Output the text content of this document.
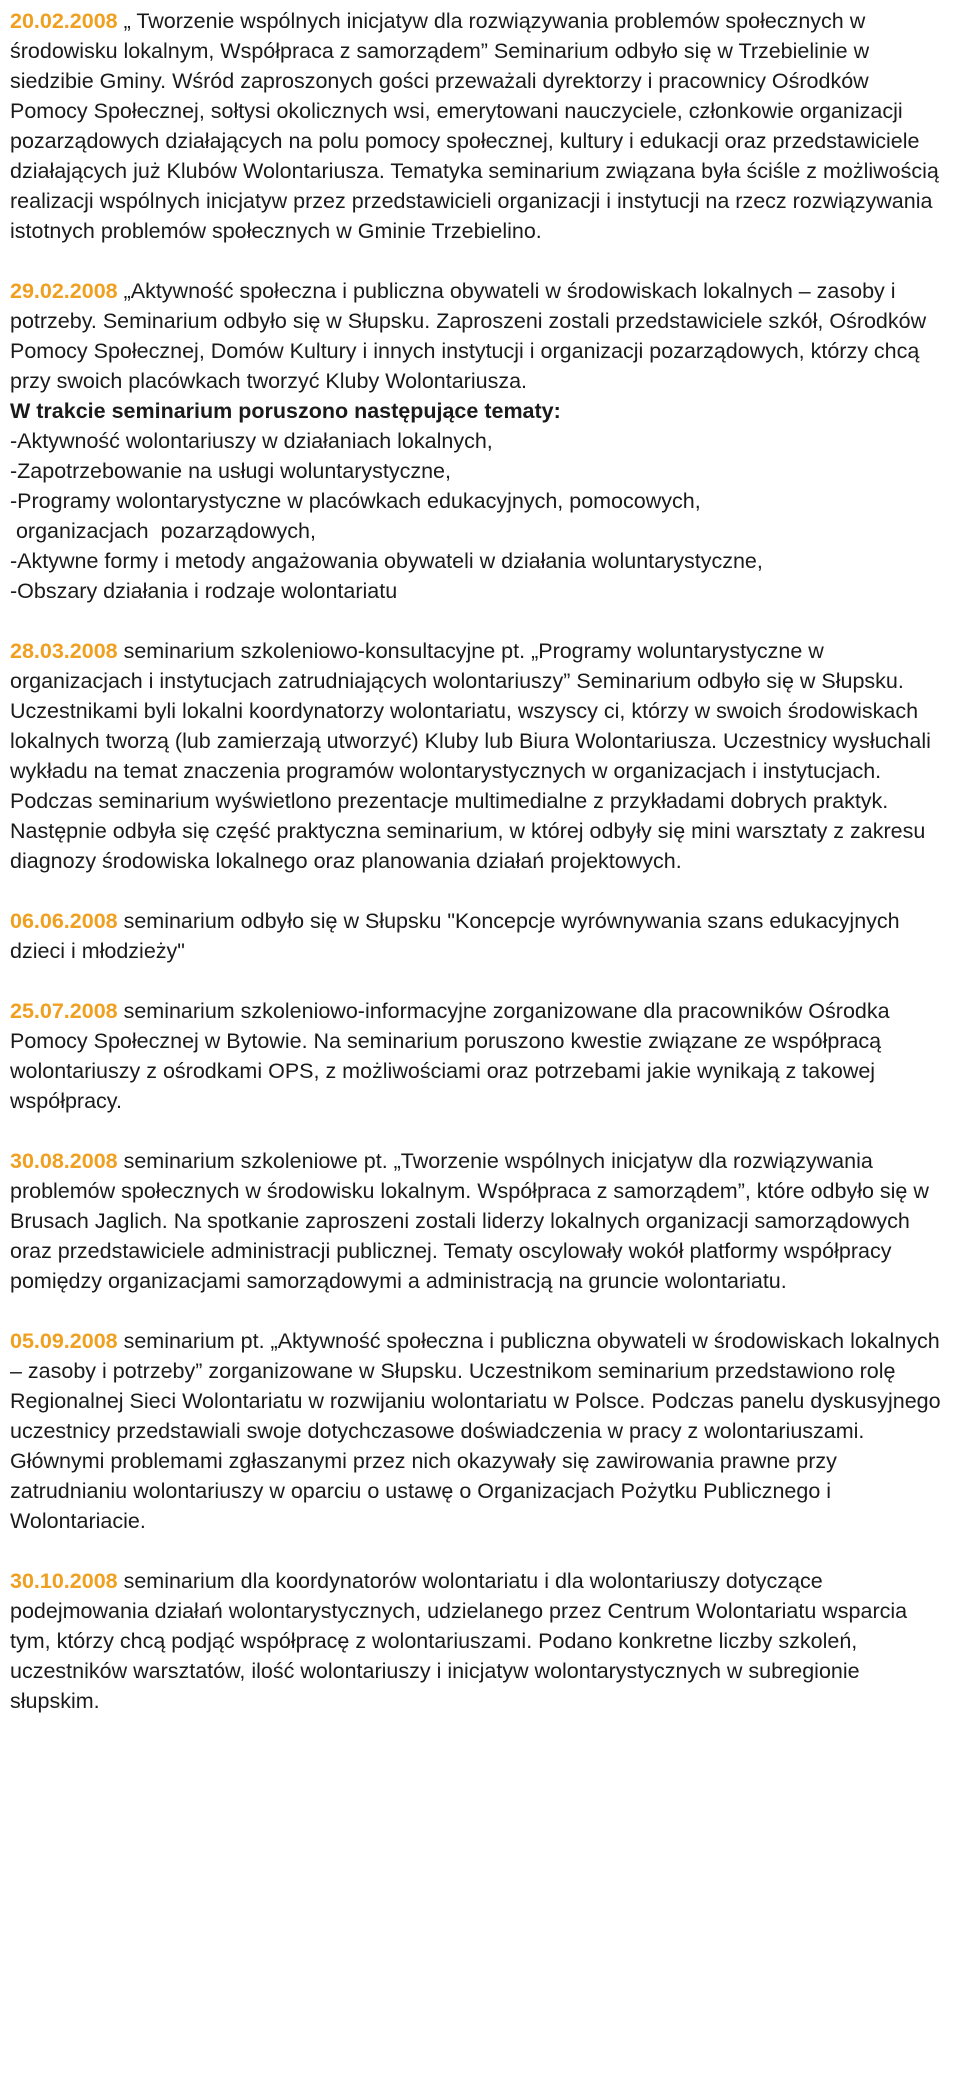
20.02.2008 „ Tworzenie wspólnych inicjatyw dla rozwiązywania problemów społecznych w środowisku lokalnym, Współpraca z samorządem” Seminarium odbyło się w Trzebielinie w siedzibie Gminy. Wśród zaproszonych gości przeważali dyrektorzy i pracownicy Ośrodków Pomocy Społecznej, sołtysi okolicznych wsi, emerytowani nauczyciele, członkowie organizacji pozarządowych działających na polu pomocy społecznej, kultury i edukacji oraz przedstawiciele działających już Klubów Wolontariusza. Tematyka seminarium związana była ściśle z możliwością realizacji wspólnych inicjatyw przez przedstawicieli organizacji i instytucji na rzecz rozwiązywania istotnych problemów społecznych w Gminie Trzebielino.

29.02.2008 „Aktywność społeczna i publiczna obywateli w środowiskach lokalnych – zasoby i potrzeby. Seminarium odbyło się w Słupsku. Zaproszeni zostali przedstawiciele szkół, Ośrodków Pomocy Społecznej, Domów Kultury i innych instytucji i organizacji pozarządowych, którzy chcą przy swoich placówkach tworzyć Kluby Wolontariusza.

W trakcie seminarium poruszono następujące tematy:

-Aktywność wolontariuszy w działaniach lokalnych,

-Zapotrzebowanie na usługi woluntarystyczne,

-Programy wolontarystyczne w placówkach edukacyjnych, pomocowych,

organizacjach  pozarządowych,

-Aktywne formy i metody angażowania obywateli w działania woluntarystyczne,

-Obszary działania i rodzaje wolontariatu

28.03.2008 seminarium szkoleniowo-konsultacyjne pt. „Programy woluntarystyczne w organizacjach i instytucjach zatrudniających wolontariuszy” Seminarium odbyło się w Słupsku. Uczestnikami byli lokalni koordynatorzy wolontariatu, wszyscy ci, którzy w swoich środowiskach lokalnych tworzą (lub zamierzają utworzyć) Kluby lub Biura Wolontariusza. Uczestnicy wysłuchali wykładu na temat znaczenia programów wolontarystycznych w organizacjach i instytucjach. Podczas seminarium wyświetlono prezentacje multimedialne z przykładami dobrych praktyk. Następnie odbyła się część praktyczna seminarium, w której odbyły się mini warsztaty z zakresu diagnozy środowiska lokalnego oraz planowania działań projektowych.

06.06.2008 seminarium odbyło się w Słupsku "Koncepcje wyrównywania szans edukacyjnych dzieci i młodzieży"

25.07.2008 seminarium szkoleniowo-informacyjne zorganizowane dla pracowników Ośrodka Pomocy Społecznej w Bytowie. Na seminarium poruszono kwestie związane ze współpracą wolontariuszy z ośrodkami OPS, z możliwościami oraz potrzebami jakie wynikają z takowej współpracy.

30.08.2008 seminarium szkoleniowe pt. „Tworzenie wspólnych inicjatyw dla rozwiązywania problemów społecznych w środowisku lokalnym. Współpraca z samorządem”, które odbyło się w Brusach Jaglich. Na spotkanie zaproszeni zostali liderzy lokalnych organizacji samorządowych oraz przedstawiciele administracji publicznej. Tematy oscylowały wokół platformy współpracy pomiędzy organizacjami samorządowymi a administracją na gruncie wolontariatu.

05.09.2008 seminarium pt. „Aktywność społeczna i publiczna obywateli w środowiskach lokalnych – zasoby i potrzeby” zorganizowane w Słupsku. Uczestnikom seminarium przedstawiono rolę Regionalnej Sieci Wolontariatu w rozwijaniu wolontariatu w Polsce. Podczas panelu dyskusyjnego uczestnicy przedstawiali swoje dotychczasowe doświadczenia w pracy z wolontariuszami. Głównymi problemami zgłaszanymi przez nich okazywały się zawirowania prawne przy zatrudnianiu wolontariuszy w oparciu o ustawę o Organizacjach Pożytku Publicznego i Wolontariacie.

30.10.2008 seminarium dla koordynatorów wolontariatu i dla wolontariuszy dotyczące podejmowania działań wolontarystycznych, udzielanego przez Centrum Wolontariatu wsparcia tym, którzy chcą podjąć współpracę z wolontariuszami. Podano konkretne liczby szkoleń, uczestników warsztatów, ilość wolontariuszy i inicjatyw wolontarystycznych w subregionie słupskim.
